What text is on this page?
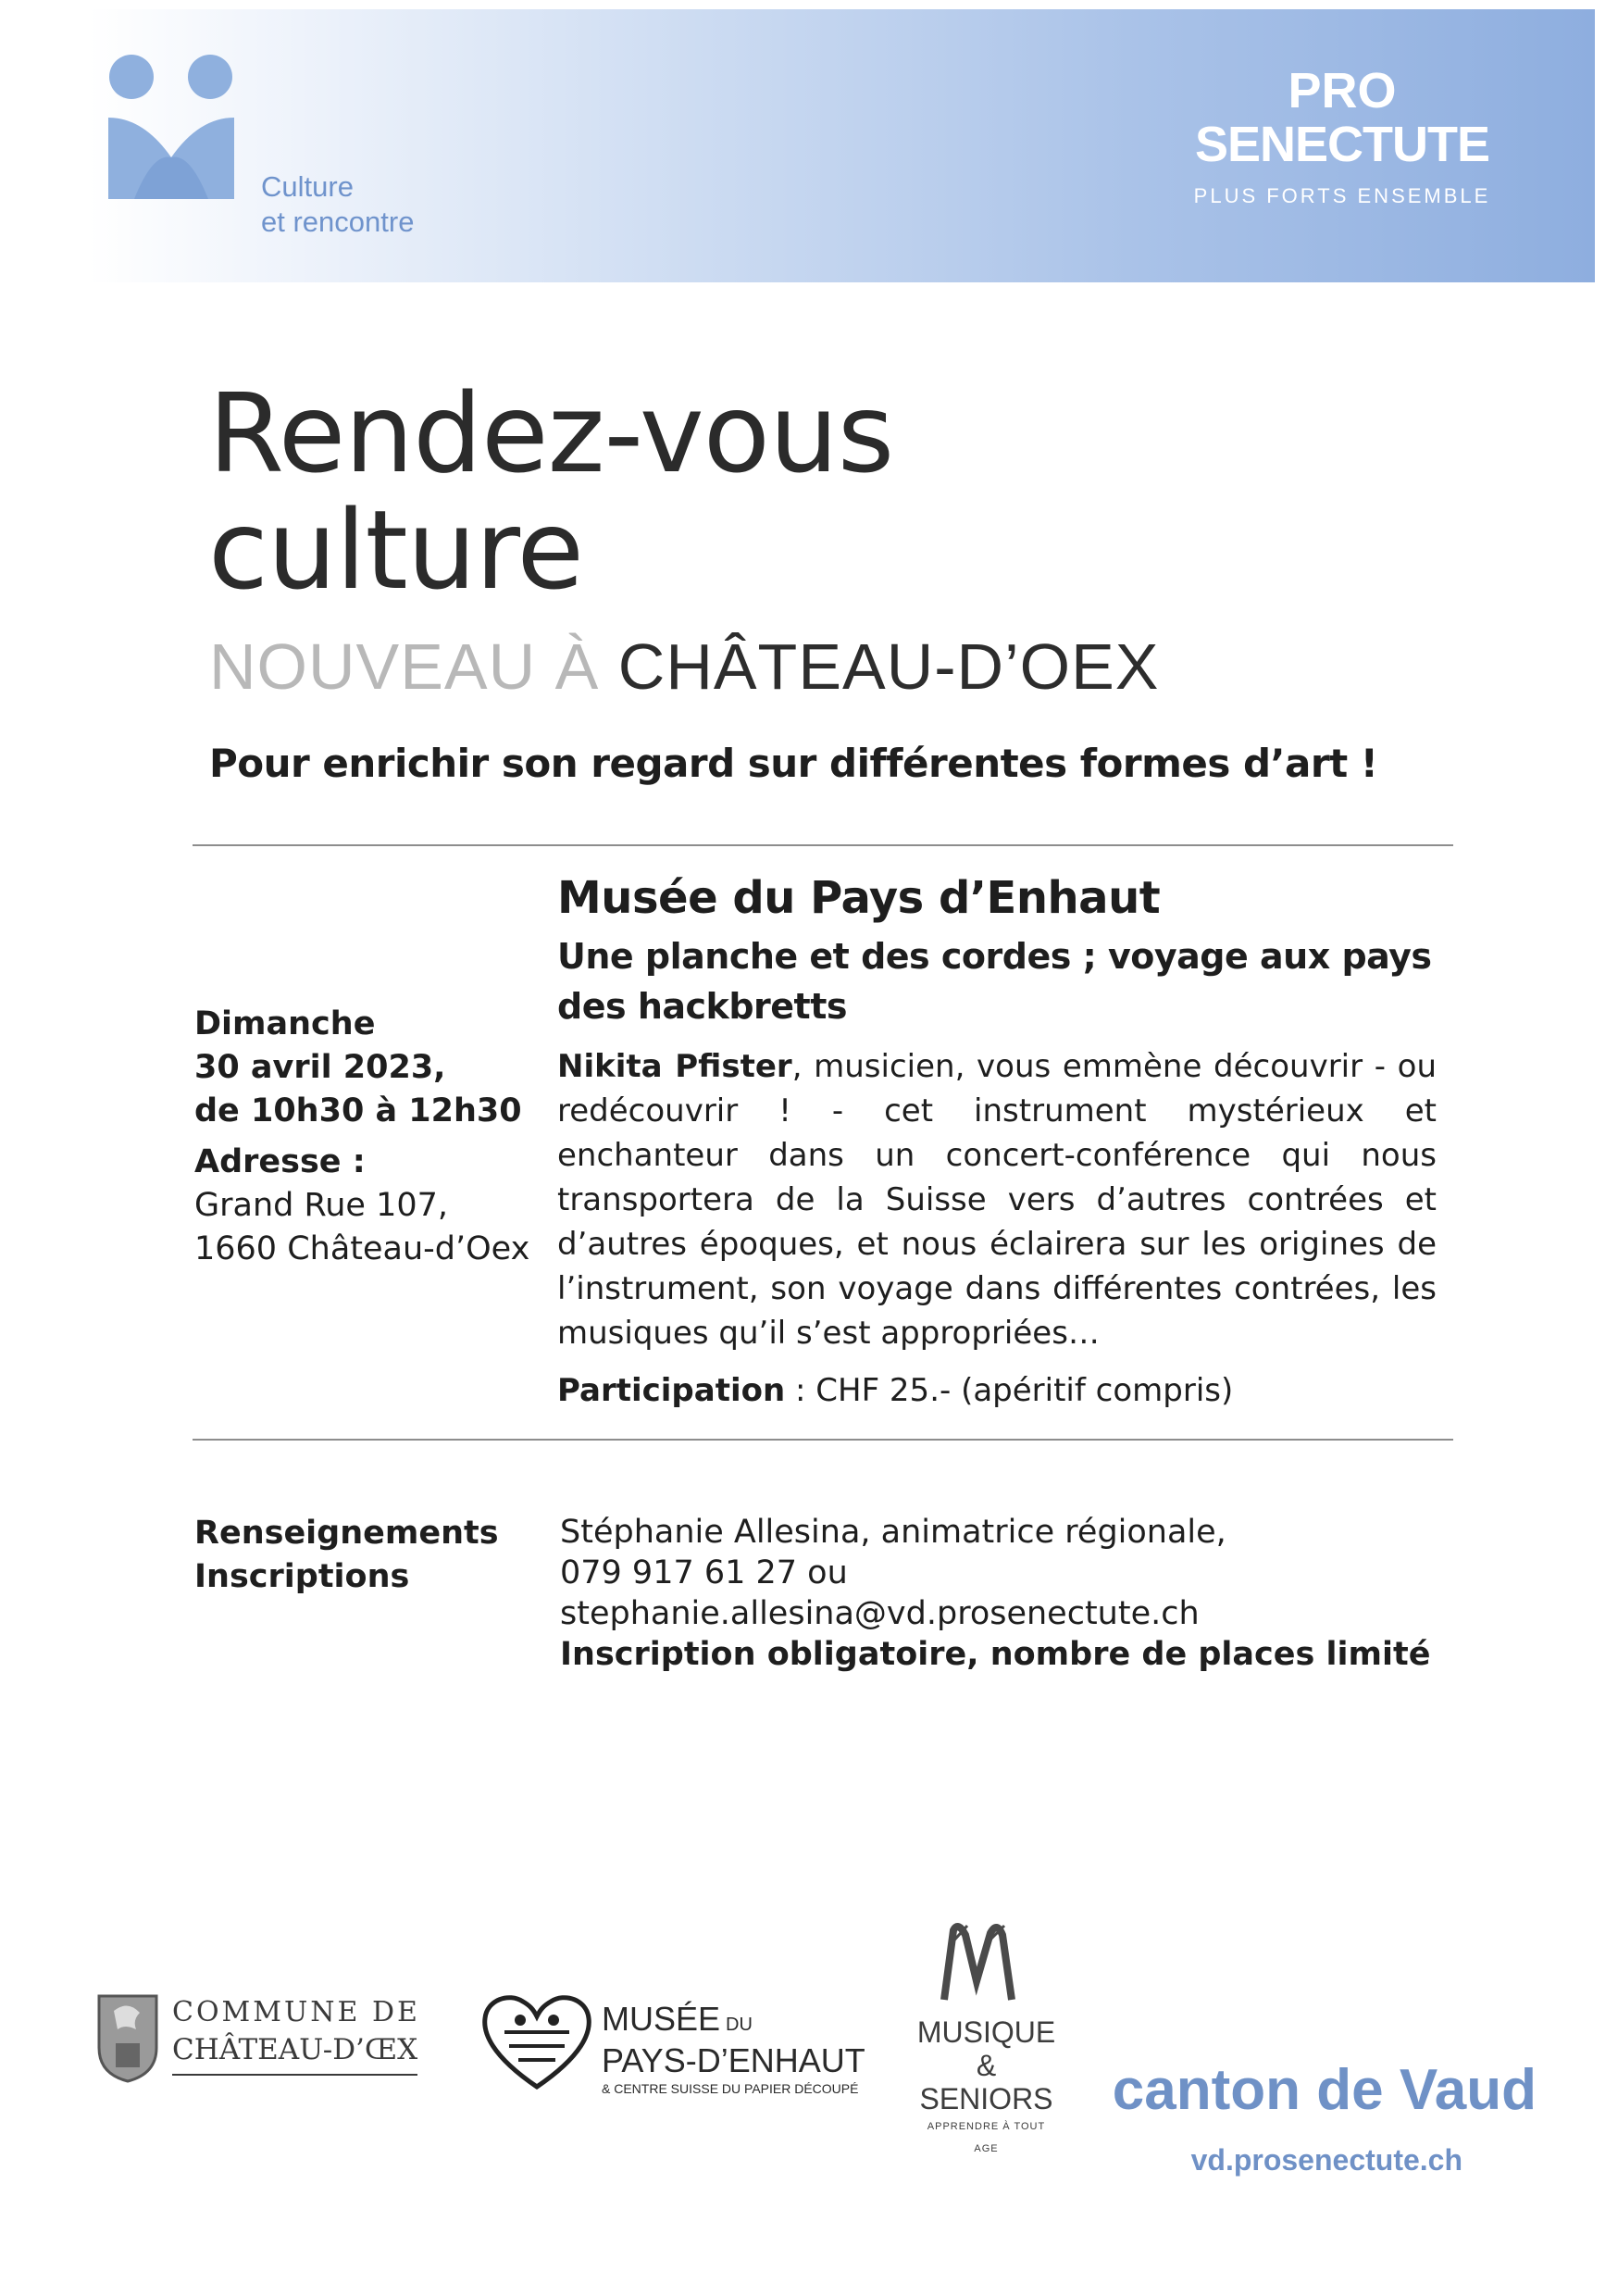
Culture
et rencontre
PRO
SENECTUTE
PLUS FORTS ENSEMBLE
Rendez-vous
culture
NOUVEAU À CHÂTEAU-D’OEX
Pour enrichir son regard sur différentes formes d’art !
Dimanche
30 avril 2023,
de 10h30 à 12h30
Adresse :
Grand Rue 107,
1660 Château-d’Oex
Musée du Pays d’Enhaut
Une planche et des cordes ; voyage aux pays des hackbretts
Nikita Pfister, musicien, vous emmène découvrir - ou redécouvrir ! - cet instrument mystérieux et enchanteur dans un concert-conférence qui nous transportera de la Suisse vers d’autres contrées et d’autres époques, et nous éclairera sur les origines de l’instrument, son voyage dans différentes contrées, les musiques qu’il s’est appropriées…
Participation : CHF 25.- (apéritif compris)
Renseignements
Inscriptions
Stéphanie Allesina, animatrice régionale,
079 917 61 27 ou
stephanie.allesina@vd.prosenectute.ch
Inscription obligatoire, nombre de places limité
COMMUNE DE
CHÂTEAU-D’ŒX
MUSÉE DU
PAYS-D’ENHAUT
& CENTRE SUISSE DU PAPIER DÉCOUPÉ
MUSIQUE
& SENIORS
APPRENDRE À TOUT AGE
canton de Vaud
vd.prosenectute.ch
